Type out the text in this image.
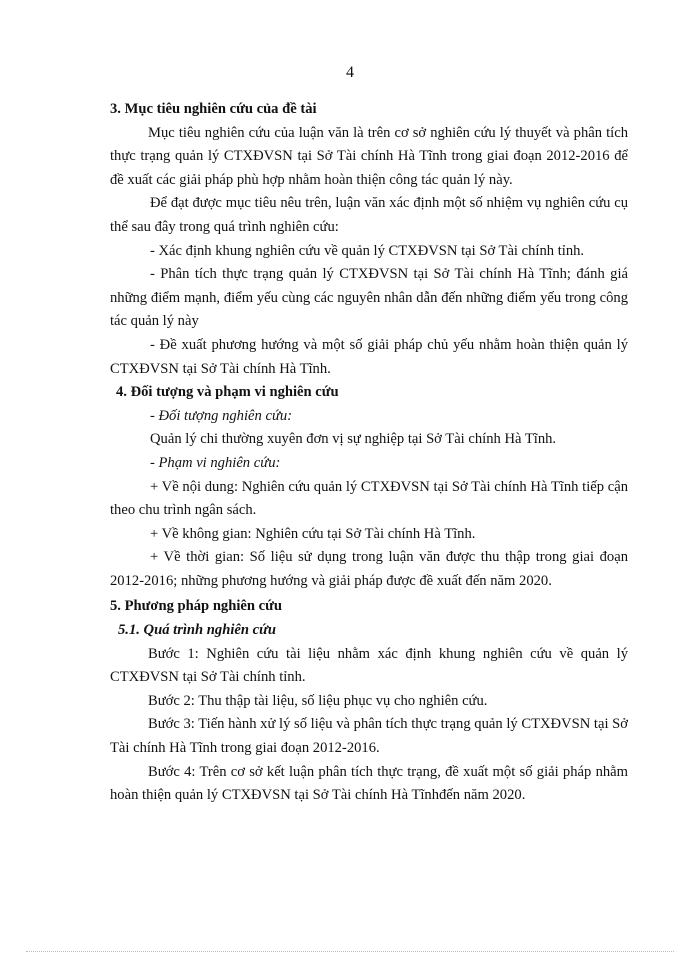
4

3. Mục tiêu nghiên cứu của đề tài

Mục tiêu nghiên cứu của luận văn là trên cơ sở nghiên cứu lý thuyết và phân tích thực trạng quản lý CTXĐVSN tại Sở Tài chính Hà Tĩnh trong giai đoạn 2012-2016 để đề xuất các giải pháp phù hợp nhằm hoàn thiện công tác quản lý này.

Để đạt được mục tiêu nêu trên, luận văn xác định một số nhiệm vụ nghiên cứu cụ thể sau đây trong quá trình nghiên cứu:

- Xác định khung nghiên cứu về quản lý CTXĐVSN tại Sở Tài chính tỉnh.

- Phân tích thực trạng quản lý CTXĐVSN tại Sở Tài chính Hà Tĩnh; đánh giá những điểm mạnh, điểm yếu cùng các nguyên nhân dẫn đến những điểm yếu trong công tác quản lý này

- Đề xuất phương hướng và một số giải pháp chủ yếu nhằm hoàn thiện quản lý CTXĐVSN tại Sở Tài chính Hà Tĩnh.

4. Đối tượng và phạm vi nghiên cứu

- Đối tượng nghiên cứu:

Quản lý chi thường xuyên đơn vị sự nghiệp tại Sở Tài chính Hà Tĩnh.

- Phạm vi nghiên cứu:

+ Về nội dung: Nghiên cứu quản lý CTXĐVSN tại Sở Tài chính Hà Tĩnh tiếp cận theo chu trình ngân sách.

+ Về không gian: Nghiên cứu tại Sở Tài chính Hà Tĩnh.

+ Về thời gian: Số liệu sử dụng trong luận văn được thu thập trong giai đoạn 2012-2016; những phương hướng và giải pháp được đề xuất đến năm 2020.

5. Phương pháp nghiên cứu

5.1. Quá trình nghiên cứu

Bước 1: Nghiên cứu tài liệu nhằm xác định khung nghiên cứu về quản lý CTXĐVSN tại Sở Tài chính tỉnh.

Bước 2: Thu thập tài liệu, số liệu phục vụ cho nghiên cứu.

Bước 3: Tiến hành xử lý số liệu và phân tích thực trạng quản lý CTXĐVSN tại Sở Tài chính Hà Tĩnh trong giai đoạn 2012-2016.

Bước 4: Trên cơ sở kết luận phân tích thực trạng, đề xuất một số giải pháp nhằm hoàn thiện quản lý CTXĐVSN tại Sở Tài chính Hà Tĩnhđến năm 2020.
